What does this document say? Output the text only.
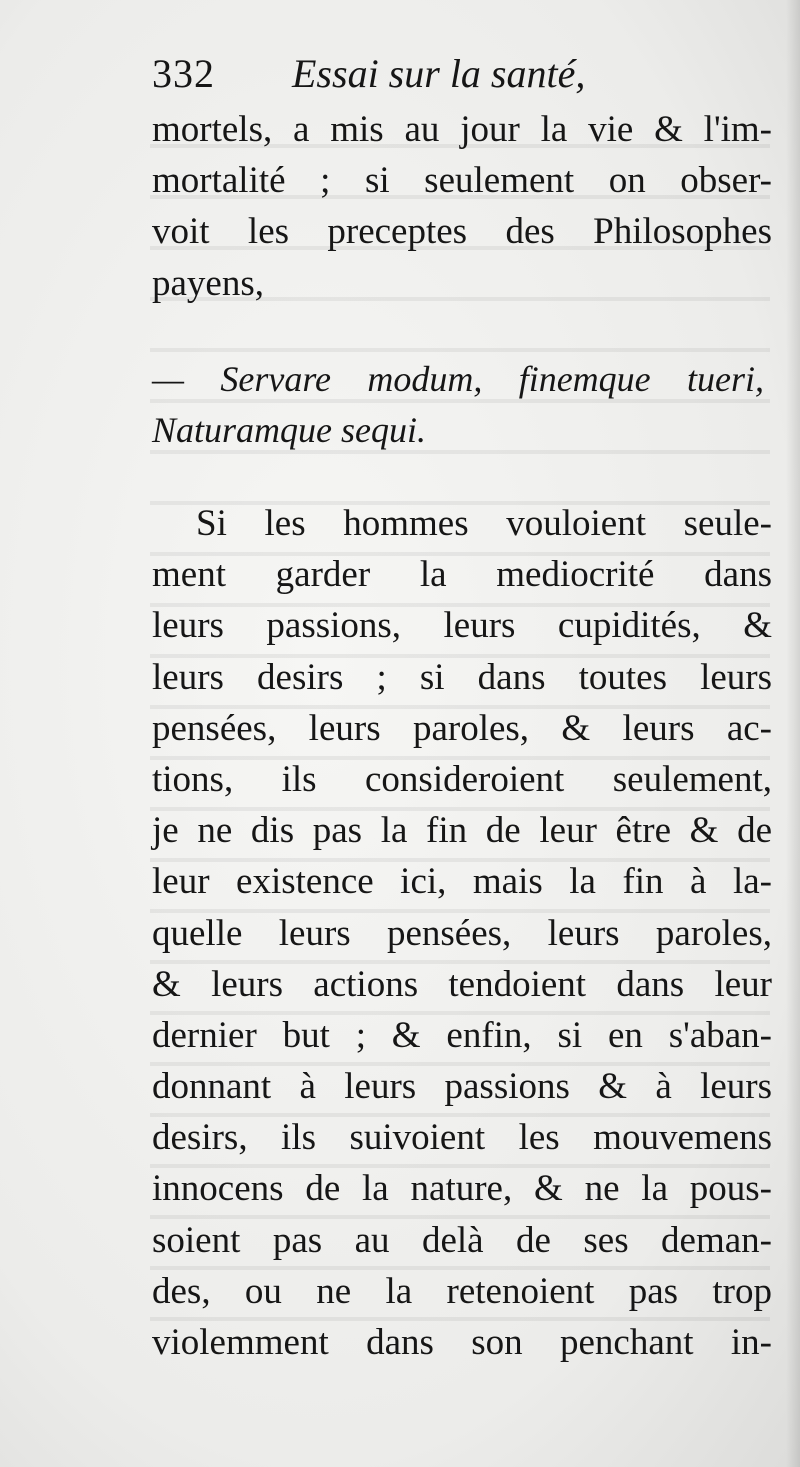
332 Essai sur la santé,
mortels, a mis au jour la vie & l'im-
mortalité ; si seulement on obser-
voit les preceptes des Philosophes
payens,
— Servare modum, finemque tueri,
Naturamque sequi.
Si les hommes vouloient seule-
ment garder la mediocrité dans
leurs passions, leurs cupidités, &
leurs desirs ; si dans toutes leurs
pensées, leurs paroles, & leurs ac-
tions, ils consideroient seulement,
je ne dis pas la fin de leur être & de
leur existence ici, mais la fin à la-
quelle leurs pensées, leurs paroles,
& leurs actions tendoient dans leur
dernier but ; & enfin, si en s'aban-
donnant à leurs passions & à leurs
desirs, ils suivoient les mouvemens
innocens de la nature, & ne la pous-
soient pas au delà de ses deman-
des, ou ne la retenoient pas trop
violemment dans son penchant in-
